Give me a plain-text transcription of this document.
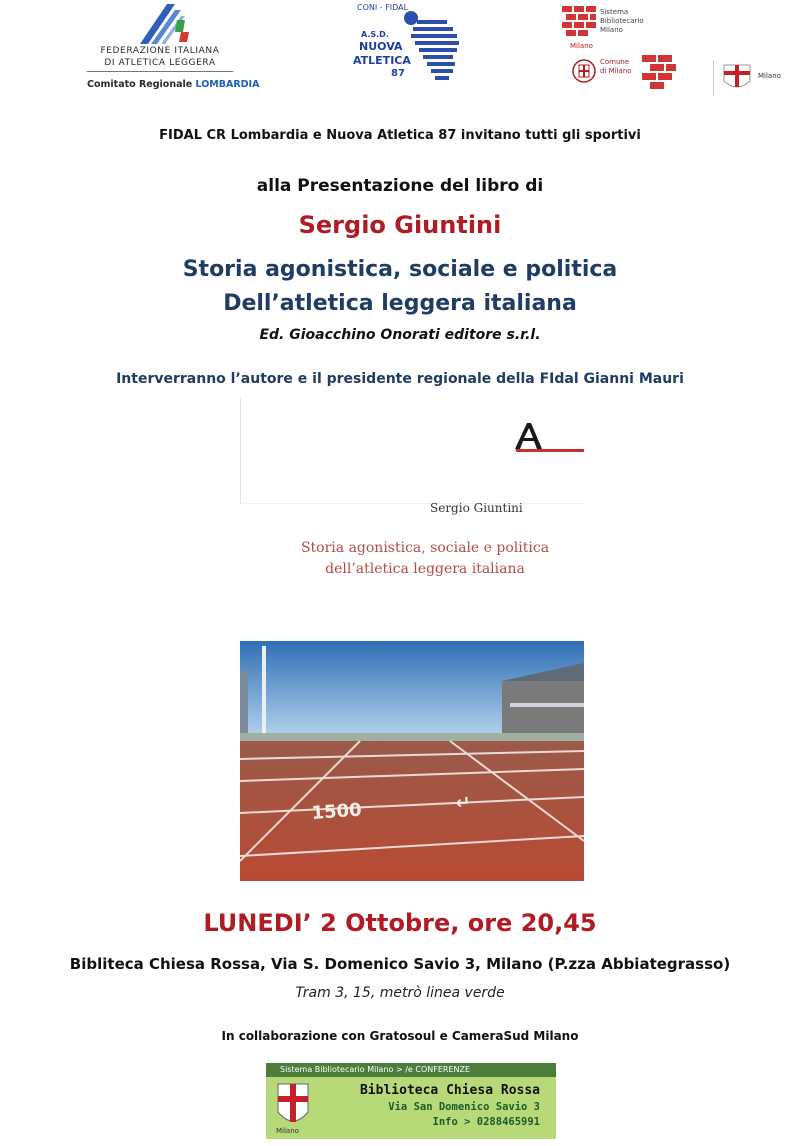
FEDERAZIONE ITALIANA
DI ATLETICA LEGGERA
Comitato Regionale LOMBARDIA
CONI - FIDAL
A.S.D.
NUOVA
ATLETICA
87
Sistema
Bibliotecario
Milano
Milano
Comune
di Milano
Milano
FIDAL CR Lombardia e Nuova Atletica 87 invitano tutti gli sportivi
alla Presentazione del libro di
Sergio Giuntini
Storia agonistica, sociale e politica
Dell’atletica leggera italiana
Ed. Gioacchino Onorati editore s.r.l.
Interverranno l’autore e il presidente regionale della FIdal Gianni Mauri
Sergio Giuntini
Storia agonistica, sociale e politica
dell’atletica leggera italiana
1500	↵
LUNEDI’ 2 Ottobre, ore 20,45
Bibliteca Chiesa Rossa, Via S. Domenico Savio 3, Milano (P.zza Abbiategrasso)
Tram 3, 15, metrò linea verde
In collaborazione con Gratosoul e CameraSud Milano
Sistema Bibliotecario Milano > /e CONFERENZE
Milano
Biblioteca Chiesa Rossa
Via San Domenico Savio 3
Info > 0288465991
